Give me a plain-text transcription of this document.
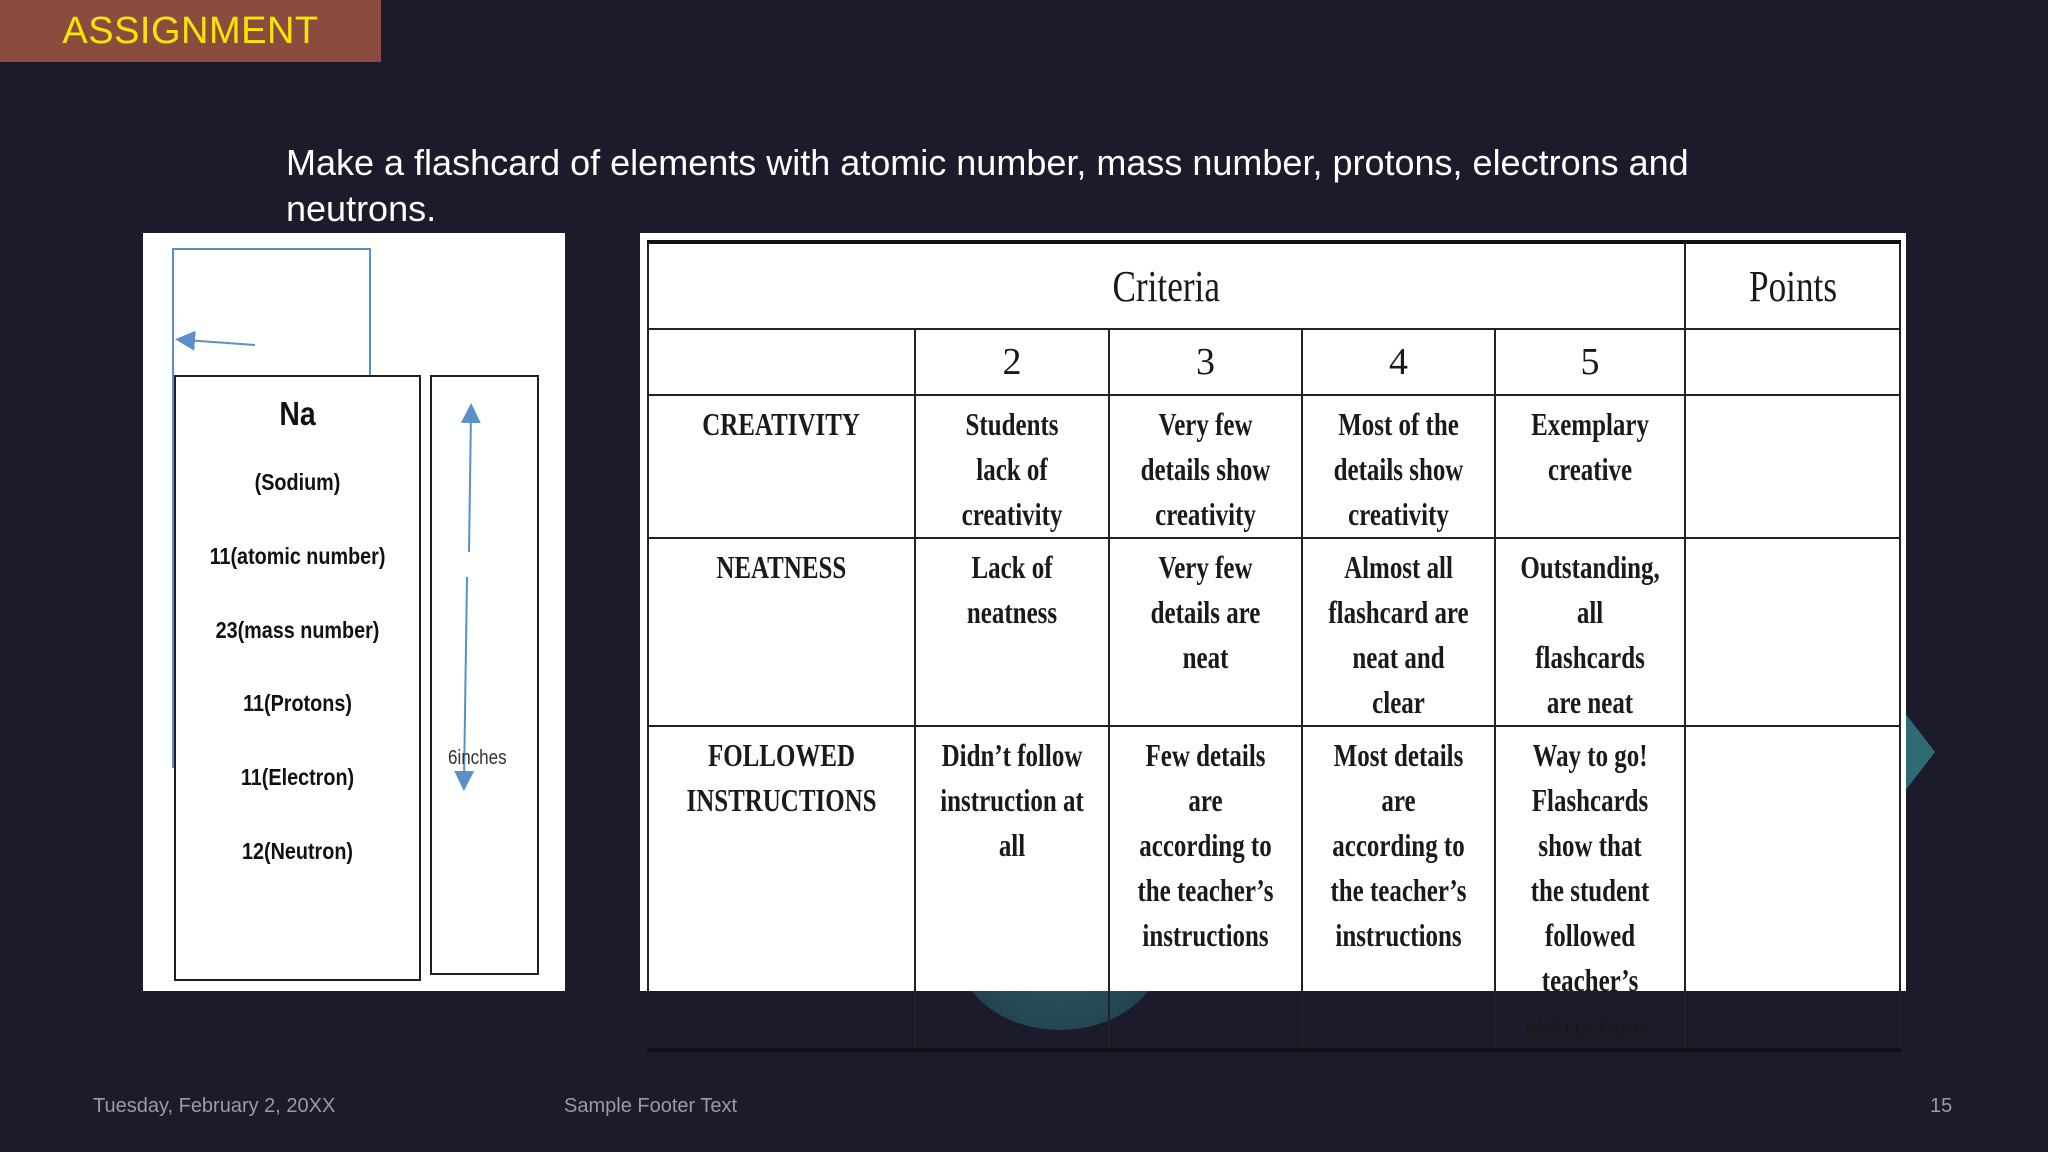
ASSIGNMENT
Make a flashcard of elements with atomic number, mass number, protons, electrons and neutrons.
Na
(Sodium)
11(atomic number)
23(mass number)
11(Protons)
11(Electron)
12(Neutron)
6inches
Criteria					Points
	2	3	4	5	
CREATIVITY	Students lack of creativity	Very few details show creativity	Most of the details show creativity	Exemplary creative	
NEATNESS	Lack of neatness	Very few details are neat	Almost all flashcard are neat and clear	Outstanding, all flashcards are neat	
FOLLOWED INSTRUCTIONS	Didn’t follow instruction at all	Few details are according to the teacher’s instructions	Most details are according to the teacher’s instructions	Way to go! Flashcards show that the student followed teacher’s instructions.	
Tuesday, February 2, 20XX	Sample Footer Text	15
